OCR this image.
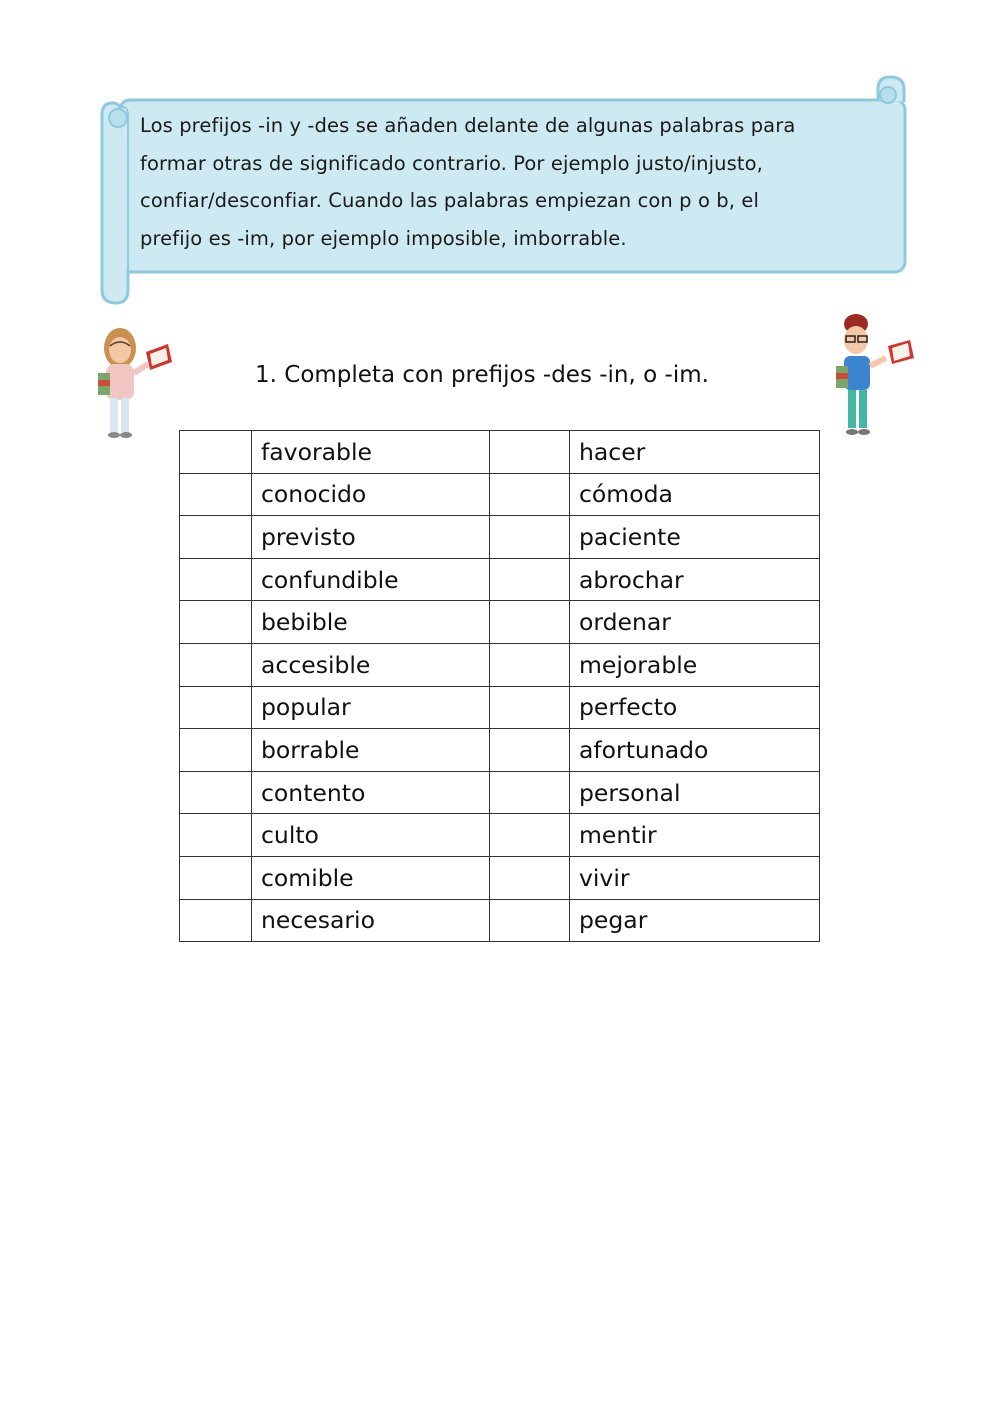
Los prefijos -in y -des se añaden delante de algunas palabras para
formar otras de significado contrario. Por ejemplo justo/injusto,
confiar/desconfiar. Cuando las palabras empiezan con p o b, el
prefijo es -im, por ejemplo imposible, imborrable.
1. Completa con prefijos -des -in, o -im.
	favorable		hacer
	conocido		cómoda
	previsto		paciente
	confundible		abrochar
	bebible		ordenar
	accesible		mejorable
	popular		perfecto
	borrable		afortunado
	contento		personal
	culto		mentir
	comible		vivir
	necesario		pegar
